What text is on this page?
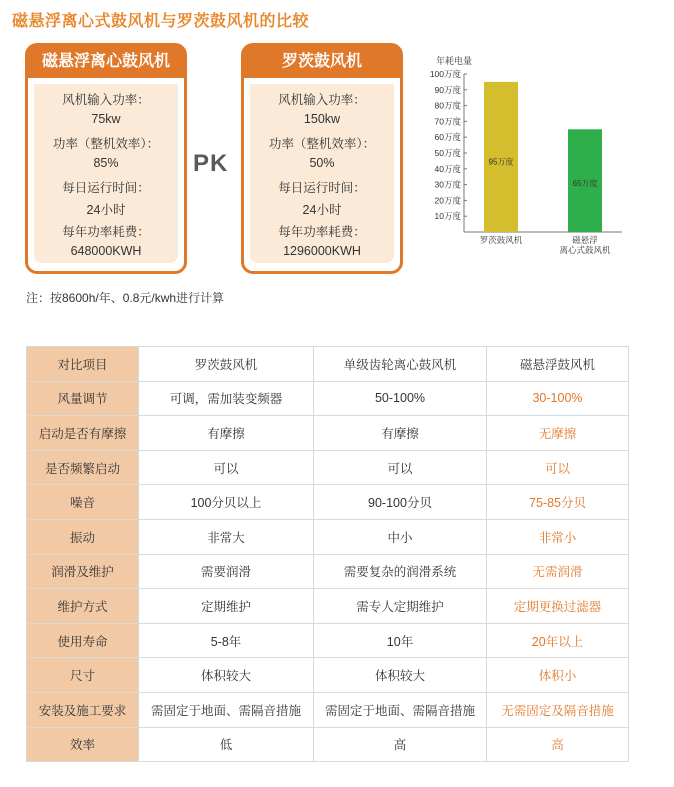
磁悬浮离心式鼓风机与罗茨鼓风机的比较
磁悬浮离心鼓风机
风机输入功率：
75kw
功率（整机效率）：
85%
每日运行时间：
24小时
每年功率耗费：
648000KWH
PK
罗茨鼓风机
风机输入功率：
150kw
功率（整机效率）：
50%
每日运行时间：
24小时
每年功率耗费：
1296000KWH
年耗电量
100万度
90万度
80万度
70万度
60万度
50万度
40万度
30万度
20万度
10万度
95万度
65万度
罗茨鼓风机	磁悬浮
离心式鼓风机
注：按8600h/年、0.8元/kwh进行计算
对比项目	罗茨鼓风机	单级齿轮离心鼓风机	磁悬浮鼓风机
风量调节	可调，需加装变频器	50-100%	30-100%
启动是否有摩擦	有摩擦	有摩擦	无摩擦
是否频繁启动	可以	可以	可以
噪音	100分贝以上	90-100分贝	75-85分贝
振动	非常大	中小	非常小
润滑及维护	需要润滑	需要复杂的润滑系统	无需润滑
维护方式	定期维护	需专人定期维护	定期更换过滤器
使用寿命	5-8年	10年	20年以上
尺寸	体积较大	体积较大	体积小
安装及施工要求	需固定于地面、需隔音措施	需固定于地面、需隔音措施	无需固定及隔音措施
效率	低	高	高
